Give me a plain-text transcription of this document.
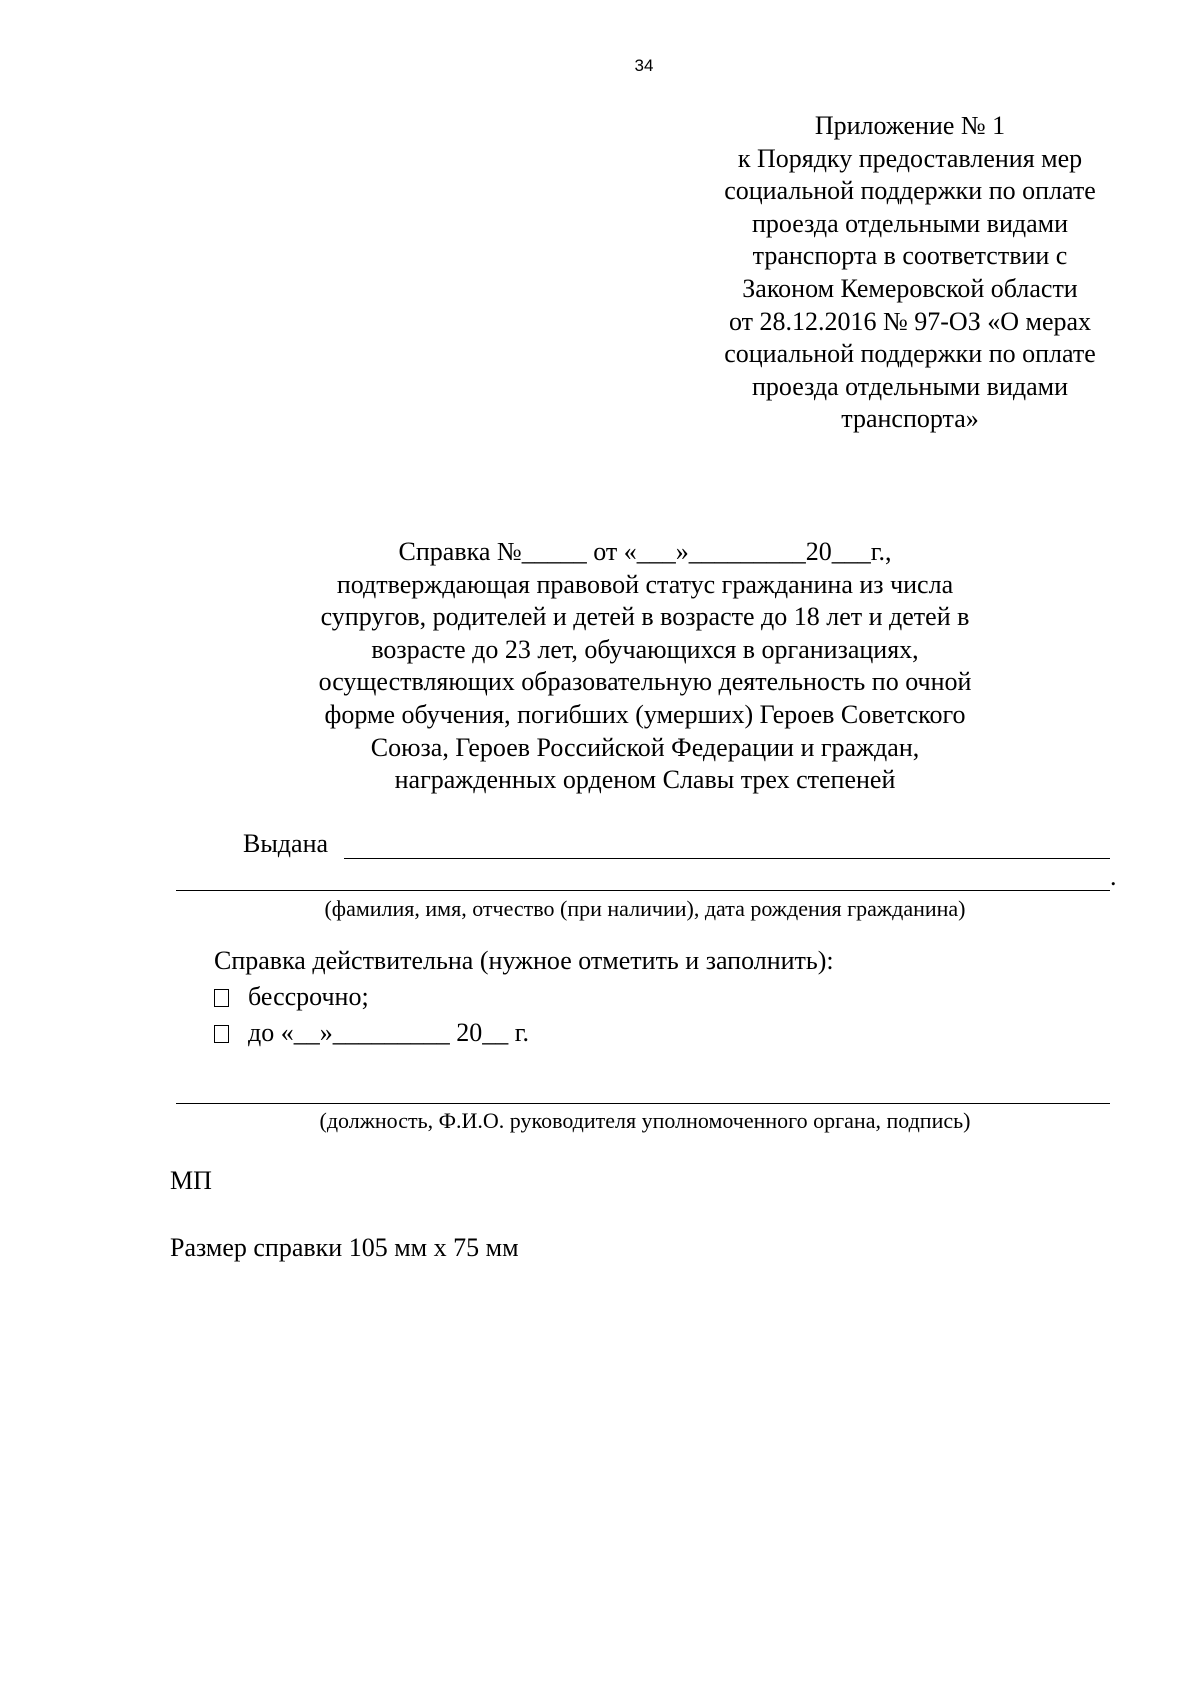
34
Приложение № 1
к Порядку предоставления мер
социальной поддержки по оплате
проезда отдельными видами
транспорта в соответствии с
Законом Кемеровской области
от 28.12.2016 № 97-ОЗ «О мерах
социальной поддержки по оплате
проезда отдельными видами
транспорта»
Справка №_____ от «___»_________20___г.,
подтверждающая правовой статус гражданина из числа
супругов, родителей и детей в возрасте до 18 лет и детей в
возрасте до 23 лет, обучающихся в организациях,
осуществляющих образовательную деятельность по очной
форме обучения, погибших (умерших) Героев Советского
Союза, Героев Российской Федерации и граждан,
награжденных орденом Славы трех степеней
Выдана
.
(фамилия, имя, отчество (при наличии), дата рождения гражданина)
Справка действительна (нужное отметить и заполнить):
бессрочно;
до «__»_________ 20__ г.
(должность, Ф.И.О. руководителя уполномоченного органа, подпись)
МП
Размер справки 105 мм х 75 мм
